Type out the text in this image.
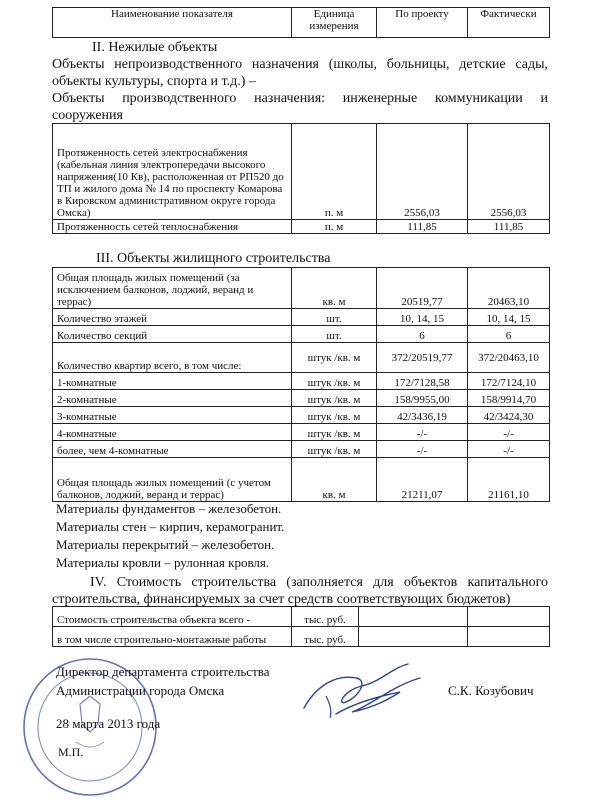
Наименование показателя	Единица измерения	По проекту	Фактически
II. Нежилые объекты
Объекты непроизводственного назначения (школы, больницы, детские сады, объекты культуры, спорта и т.д.) –
Объекты производственного назначения: инженерные коммуникации и сооружения
Протяженность сетей электроснабжения (кабельная линия электропередачи высокого напряжения(10 Кв), расположенная от РП520 до ТП и жилого дома № 14 по проспекту Комарова в Кировском административном округе города Омска)	п. м	2556,03	2556,03
Протяженность сетей теплоснабжения	п. м	111,85	111,85
III. Объекты жилищного строительства
Общая площадь жилых помещений (за исключением балконов, лоджий, веранд и террас)	кв. м	20519,77	20463,10
Количество этажей	шт.	10, 14, 15	10, 14, 15
Количество секций	шт.	6	6
Количество квартир всего, в том числе:	штук /кв. м	372/20519,77	372/20463,10
1-комнатные	штук /кв. м	172/7128,58	172/7124,10
2-комнатные	штук /кв. м	158/9955,00	158/9914,70
3-комнатные	штук /кв. м	42/3436,19	42/3424,30
4-комнатные	штук /кв. м	-/-	-/-
более, чем 4-комнатные	штук /кв. м	-/-	-/-
Общая площадь жилых помещений (с учетом балконов, лоджий, веранд и террас)	кв. м	21211,07	21161,10
Материалы фундаментов – железобетон.
Материалы стен – кирпич, керамогранит.
Материалы перекрытий – железобетон.
Материалы кровли – рулонная кровля.
IV. Стоимость строительства (заполняется для объектов капитального строительства, финансируемых за счет средств соответствующих бюджетов)
Стоимость строительства объекта всего -	тыс. руб.		
в том числе строительно-монтажные работы	тыс. руб.		
Директор департамента строительства
Администрации города Омска	С.К. Козубович
28 марта 2013 года
М.П.
